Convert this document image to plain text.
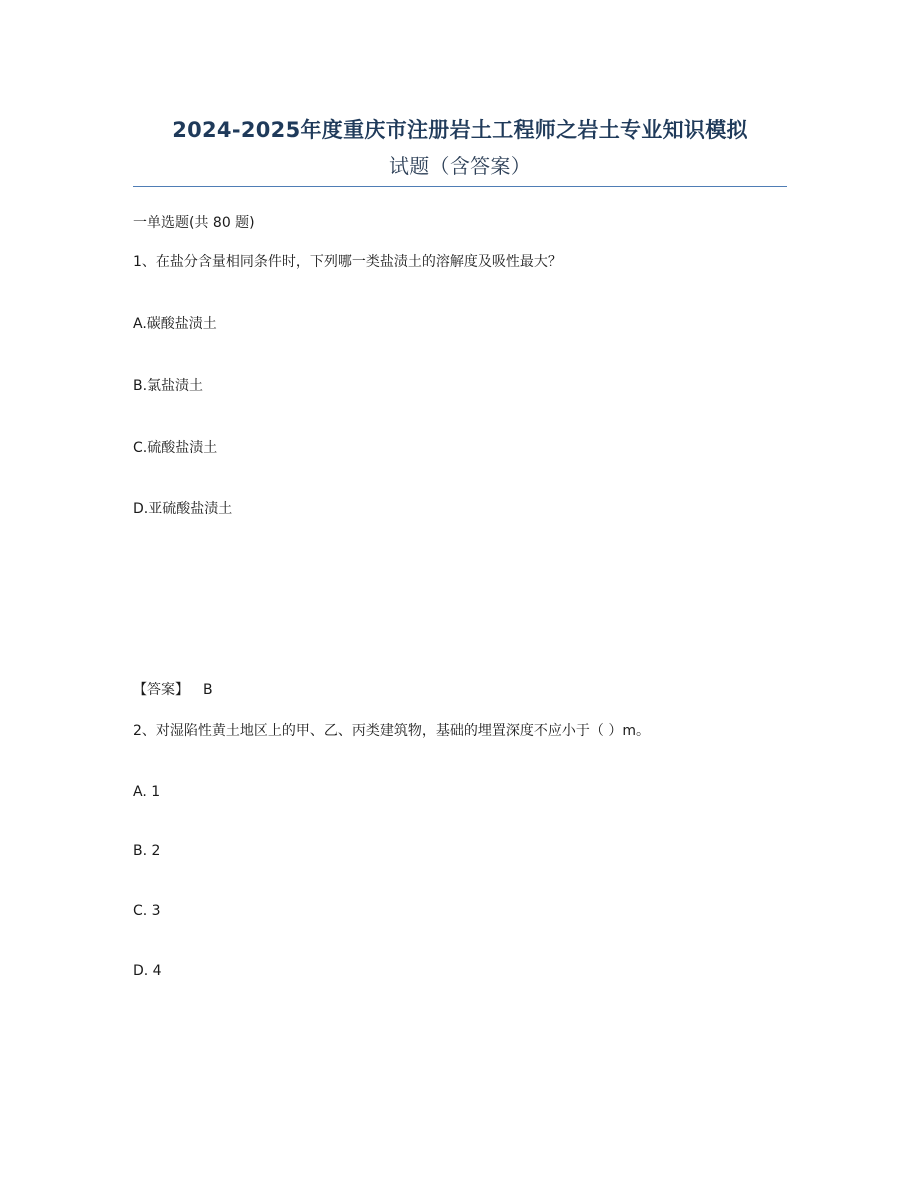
2024-2025年度重庆市注册岩土工程师之岩土专业知识模拟
试题（含答案）
一单选题(共 80 题)
1、在盐分含量相同条件时，下列哪一类盐渍土的溶解度及吸性最大？
A.碳酸盐渍土
B.氯盐渍土
C.硫酸盐渍土
D.亚硫酸盐渍土
【答案】 B
2、对湿陷性黄土地区上的甲、乙、丙类建筑物，基础的埋置深度不应小于（ ）m。
A. 1
B. 2
C. 3
D. 4
